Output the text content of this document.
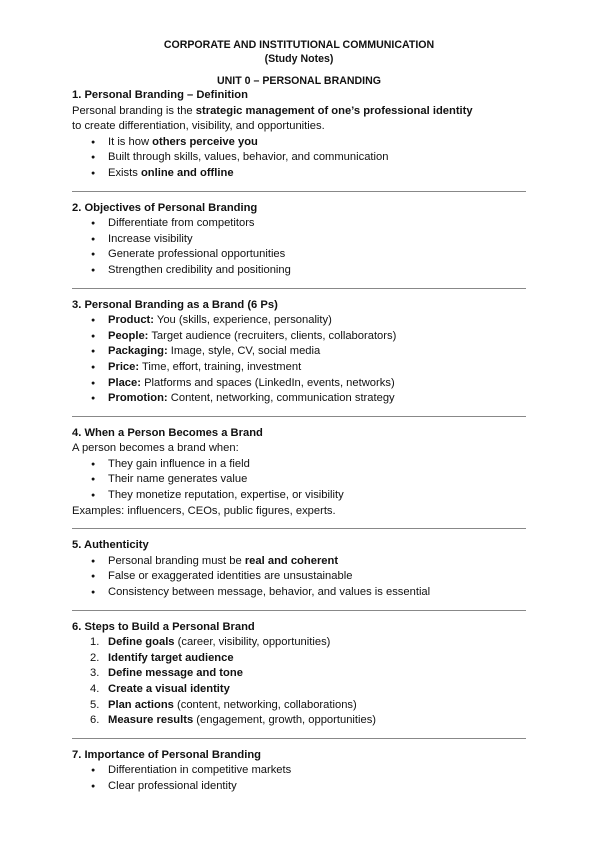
CORPORATE AND INSTITUTIONAL COMMUNICATION
(Study Notes)
UNIT 0 – PERSONAL BRANDING
1. Personal Branding – Definition

Personal branding is the strategic management of one’s professional identity

to create differentiation, visibility, and opportunities.

● It is how others perceive you
● Built through skills, values, behavior, and communication
● Exists online and offline
2. Objectives of Personal Branding
● Differentiate from competitors
● Increase visibility
● Generate professional opportunities
● Strengthen credibility and positioning
3. Personal Branding as a Brand (6 Ps)
● Product: You (skills, experience, personality)
● People: Target audience (recruiters, clients, collaborators)
● Packaging: Image, style, CV, social media
● Price: Time, effort, training, investment
● Place: Platforms and spaces (LinkedIn, events, networks)
● Promotion: Content, networking, communication strategy
4. When a Person Becomes a Brand

A person becomes a brand when:

● They gain influence in a field
● Their name generates value
● They monetize reputation, expertise, or visibility

Examples: influencers, CEOs, public figures, experts.

5. Authenticity
● Personal branding must be real and coherent
● False or exaggerated identities are unsustainable
● Consistency between message, behavior, and values is essential
6. Steps to Build a Personal Brand
1. Define goals (career, visibility, opportunities)
2. Identify target audience
3. Define message and tone
4. Create a visual identity
5. Plan actions (content, networking, collaborations)
6. Measure results (engagement, growth, opportunities)
7. Importance of Personal Branding
● Differentiation in competitive markets
● Clear professional identity
